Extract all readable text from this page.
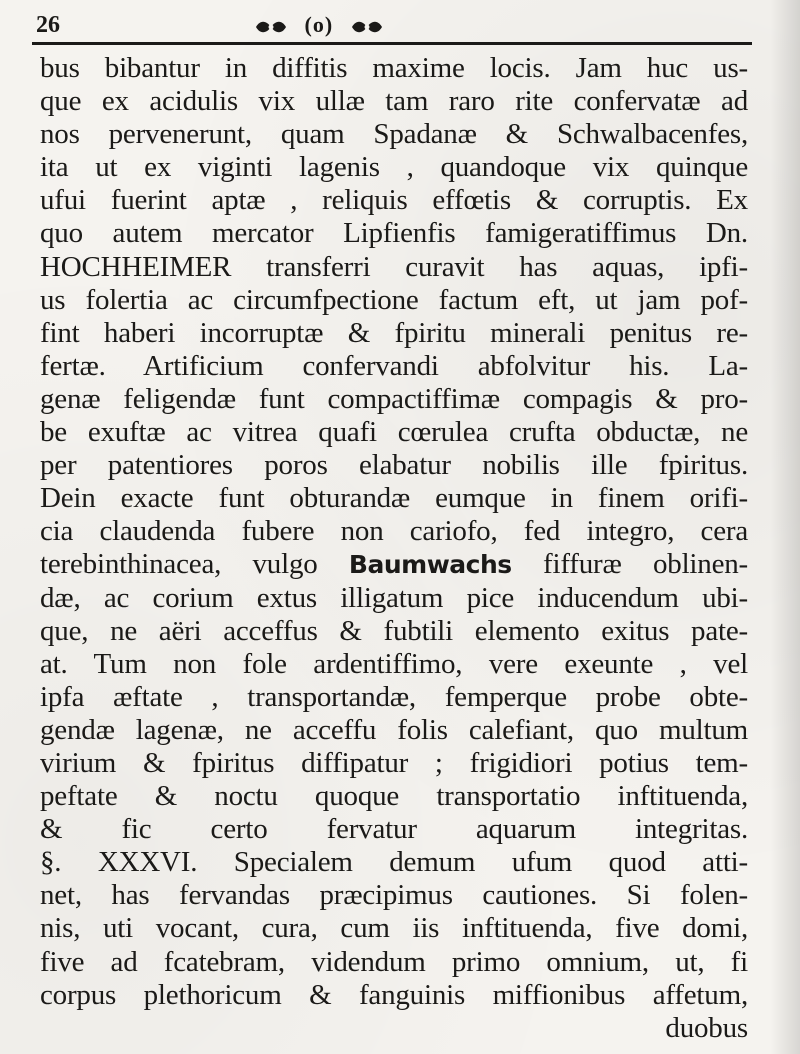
26	(o)
bus bibantur in diffitis maxime locis. Jam huc us-
que ex acidulis vix ullæ tam raro rite confervatæ ad
nos pervenerunt, quam Spadanæ & Schwalbacenfes,
ita ut ex viginti lagenis , quandoque vix quinque
ufui fuerint aptæ , reliquis effœtis & corruptis. Ex
quo autem mercator Lipfienfis famigeratiffimus Dn.
HOCHHEIMER transferri curavit has aquas, ipfi-
us folertia ac circumfpectione factum eft, ut jam pof-
fint haberi incorruptæ & fpiritu minerali penitus re-
fertæ. Artificium confervandi abfolvitur his. La-
genæ feligendæ funt compactiffimæ compagis & pro-
be exuftæ ac vitrea quafi cœrulea crufta obductæ, ne
per patentiores poros elabatur nobilis ille fpiritus.
Dein exacte funt obturandæ eumque in finem orifi-
cia claudenda fubere non cariofo, fed integro, cera
terebinthinacea, vulgo Baumwachs fiffuræ oblinen-
dæ, ac corium extus illigatum pice inducendum ubi-
que, ne aëri acceffus & fubtili elemento exitus pate-
at. Tum non fole ardentiffimo, vere exeunte , vel
ipfa æftate , transportandæ, femperque probe obte-
gendæ lagenæ, ne acceffu folis calefiant, quo multum
virium & fpiritus diffipatur ; frigidiori potius tem-
peftate & noctu quoque transportatio inftituenda,
& fic certo fervatur aquarum integritas.
§. XXXVI. Specialem demum ufum quod atti-
net, has fervandas præcipimus cautiones. Si folen-
nis, uti vocant, cura, cum iis inftituenda, five domi,
five ad fcatebram, videndum primo omnium, ut, fi
corpus plethoricum & fanguinis miffionibus affetum,
duobus
